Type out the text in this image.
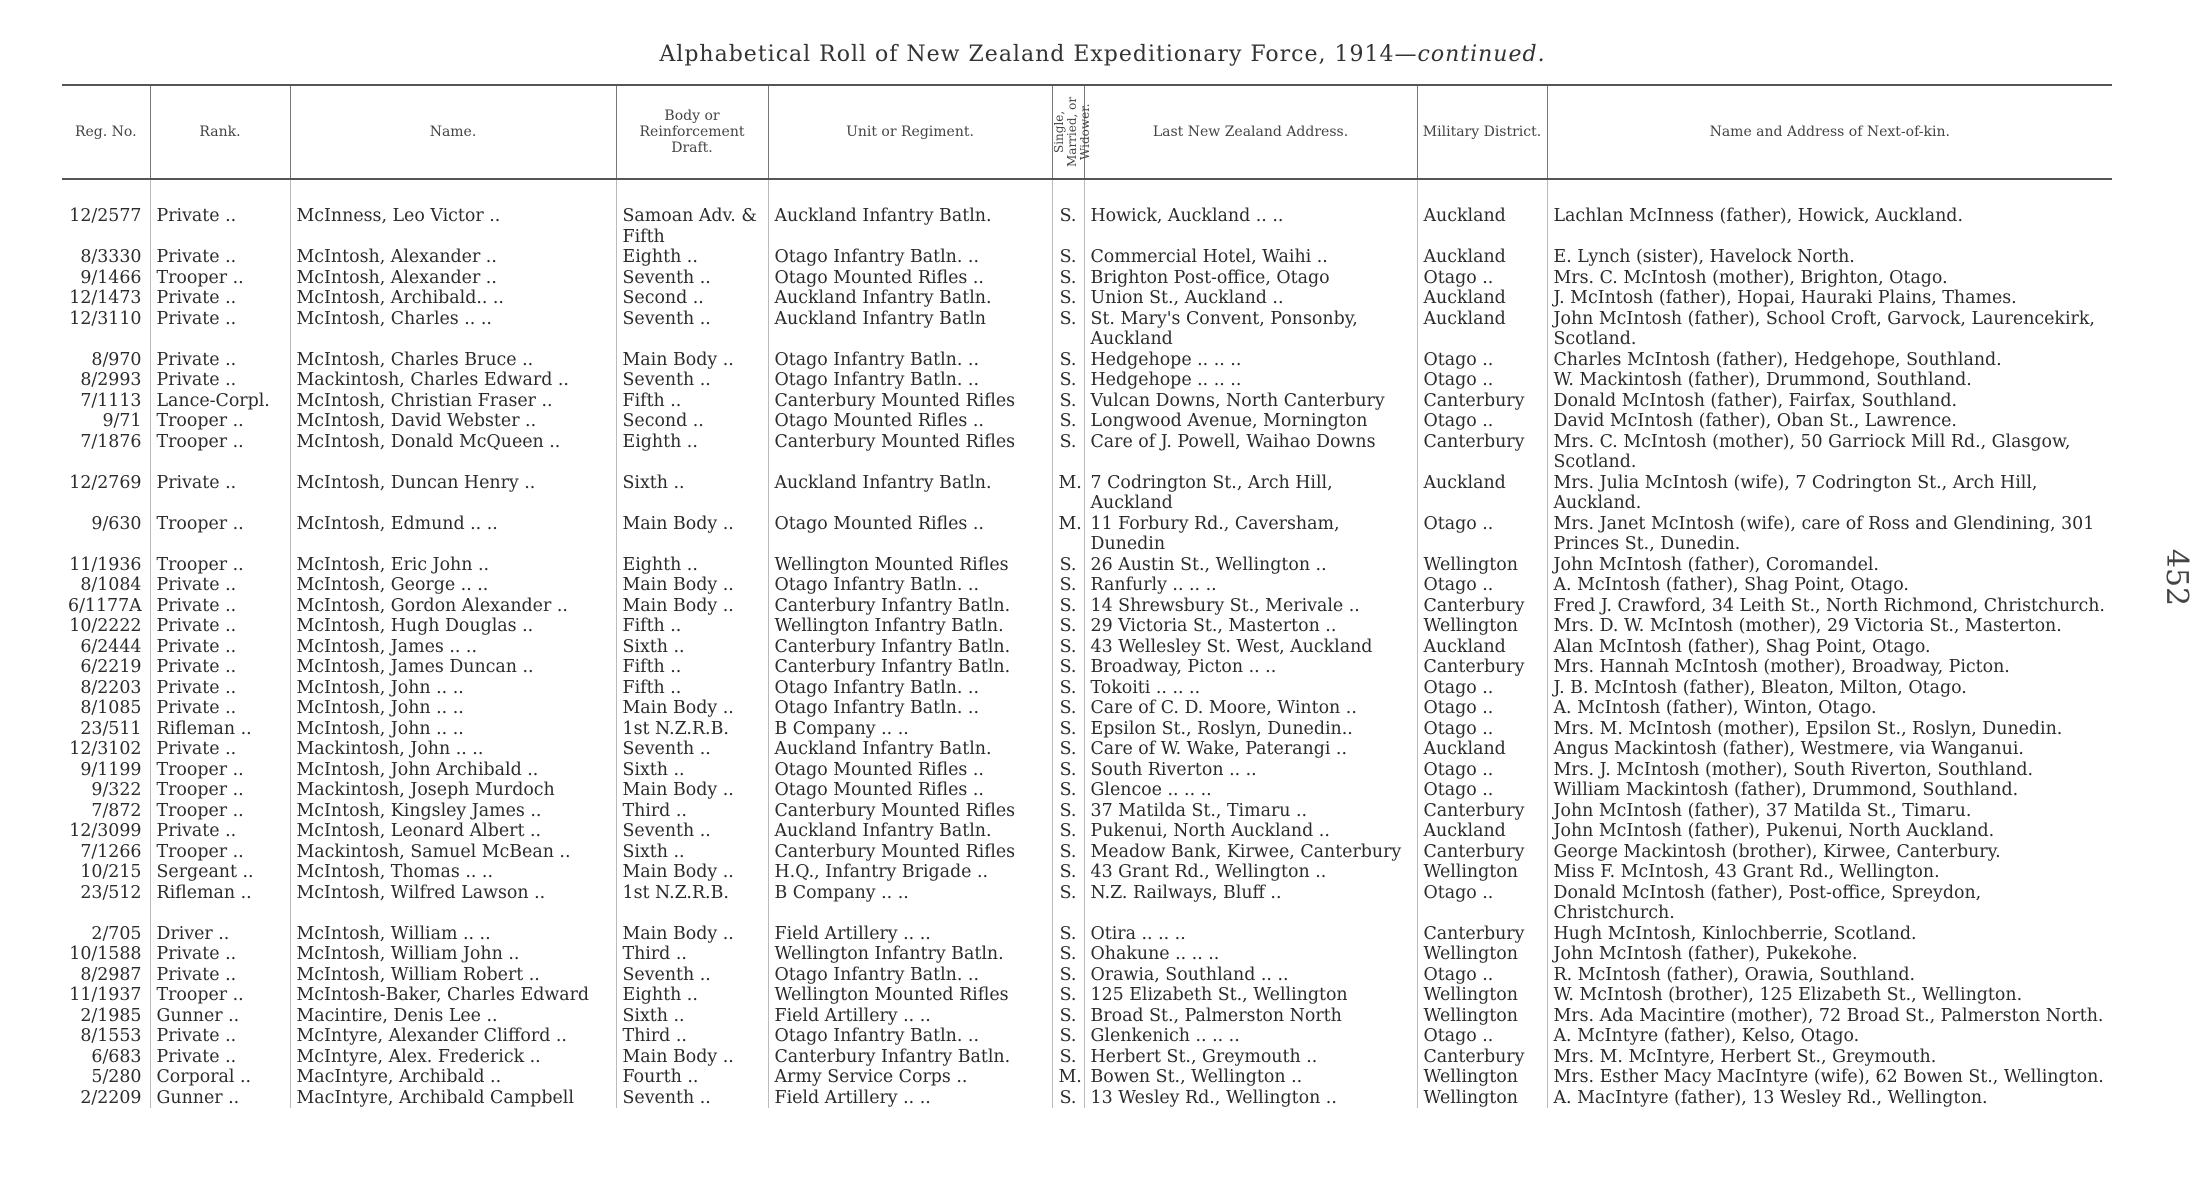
Alphabetical Roll of New Zealand Expeditionary Force, 1914—continued.
Reg. No.	Rank.	Name.	Body or Reinforcement Draft.	Unit or Regiment.	Single, Married, or Widower.	Last New Zealand Address.	Military District.	Name and Address of Next-of-kin.

12/2577	Private ..	McInness, Leo Victor ..	Samoan Adv. & Fifth	Auckland Infantry Batln.	S.	Howick, Auckland .. ..	Auckland	Lachlan McInness (father), Howick, Auckland.
8/3330	Private ..	McIntosh, Alexander ..	Eighth ..	Otago Infantry Batln. ..	S.	Commercial Hotel, Waihi ..	Auckland	E. Lynch (sister), Havelock North.
9/1466	Trooper ..	McIntosh, Alexander ..	Seventh ..	Otago Mounted Rifles ..	S.	Brighton Post-office, Otago	Otago ..	Mrs. C. McIntosh (mother), Brighton, Otago.
12/1473	Private ..	McIntosh, Archibald.. ..	Second ..	Auckland Infantry Batln.	S.	Union St., Auckland ..	Auckland	J. McIntosh (father), Hopai, Hauraki Plains, Thames.
12/3110	Private ..	McIntosh, Charles .. ..	Seventh ..	Auckland Infantry Batln	S.	St. Mary's Convent, Ponsonby, Auckland	Auckland	John McIntosh (father), School Croft, Garvock, Laurencekirk, Scotland.
8/970	Private ..	McIntosh, Charles Bruce ..	Main Body ..	Otago Infantry Batln. ..	S.	Hedgehope .. .. ..	Otago ..	Charles McIntosh (father), Hedgehope, Southland.
8/2993	Private ..	Mackintosh, Charles Edward ..	Seventh ..	Otago Infantry Batln. ..	S.	Hedgehope .. .. ..	Otago ..	W. Mackintosh (father), Drummond, Southland.
7/1113	Lance-Corpl.	McIntosh, Christian Fraser ..	Fifth ..	Canterbury Mounted Rifles	S.	Vulcan Downs, North Canterbury	Canterbury	Donald McIntosh (father), Fairfax, Southland.
9/71	Trooper ..	McIntosh, David Webster ..	Second ..	Otago Mounted Rifles ..	S.	Longwood Avenue, Mornington	Otago ..	David McIntosh (father), Oban St., Lawrence.
7/1876	Trooper ..	McIntosh, Donald McQueen ..	Eighth ..	Canterbury Mounted Rifles	S.	Care of J. Powell, Waihao Downs	Canterbury	Mrs. C. McIntosh (mother), 50 Garriock Mill Rd., Glasgow, Scotland.
12/2769	Private ..	McIntosh, Duncan Henry ..	Sixth ..	Auckland Infantry Batln.	M.	7 Codrington St., Arch Hill, Auckland	Auckland	Mrs. Julia McIntosh (wife), 7 Codrington St., Arch Hill, Auckland.
9/630	Trooper ..	McIntosh, Edmund .. ..	Main Body ..	Otago Mounted Rifles ..	M.	11 Forbury Rd., Caversham, Dunedin	Otago ..	Mrs. Janet McIntosh (wife), care of Ross and Glendining, 301 Princes St., Dunedin.
11/1936	Trooper ..	McIntosh, Eric John ..	Eighth ..	Wellington Mounted Rifles	S.	26 Austin St., Wellington ..	Wellington	John McIntosh (father), Coromandel.
8/1084	Private ..	McIntosh, George .. ..	Main Body ..	Otago Infantry Batln. ..	S.	Ranfurly .. .. ..	Otago ..	A. McIntosh (father), Shag Point, Otago.
6/1177A	Private ..	McIntosh, Gordon Alexander ..	Main Body ..	Canterbury Infantry Batln.	S.	14 Shrewsbury St., Merivale ..	Canterbury	Fred J. Crawford, 34 Leith St., North Richmond, Christchurch.
10/2222	Private ..	McIntosh, Hugh Douglas ..	Fifth ..	Wellington Infantry Batln.	S.	29 Victoria St., Masterton ..	Wellington	Mrs. D. W. McIntosh (mother), 29 Victoria St., Masterton.
6/2444	Private ..	McIntosh, James .. ..	Sixth ..	Canterbury Infantry Batln.	S.	43 Wellesley St. West, Auckland	Auckland	Alan McIntosh (father), Shag Point, Otago.
6/2219	Private ..	McIntosh, James Duncan ..	Fifth ..	Canterbury Infantry Batln.	S.	Broadway, Picton .. ..	Canterbury	Mrs. Hannah McIntosh (mother), Broadway, Picton.
8/2203	Private ..	McIntosh, John .. ..	Fifth ..	Otago Infantry Batln. ..	S.	Tokoiti .. .. ..	Otago ..	J. B. McIntosh (father), Bleaton, Milton, Otago.
8/1085	Private ..	McIntosh, John .. ..	Main Body ..	Otago Infantry Batln. ..	S.	Care of C. D. Moore, Winton ..	Otago ..	A. McIntosh (father), Winton, Otago.
23/511	Rifleman ..	McIntosh, John .. ..	1st N.Z.R.B.	B Company .. ..	S.	Epsilon St., Roslyn, Dunedin..	Otago ..	Mrs. M. McIntosh (mother), Epsilon St., Roslyn, Dunedin.
12/3102	Private ..	Mackintosh, John .. ..	Seventh ..	Auckland Infantry Batln.	S.	Care of W. Wake, Paterangi ..	Auckland	Angus Mackintosh (father), Westmere, via Wanganui.
9/1199	Trooper ..	McIntosh, John Archibald ..	Sixth ..	Otago Mounted Rifles ..	S.	South Riverton .. ..	Otago ..	Mrs. J. McIntosh (mother), South Riverton, Southland.
9/322	Trooper ..	Mackintosh, Joseph Murdoch	Main Body ..	Otago Mounted Rifles ..	S.	Glencoe .. .. ..	Otago ..	William Mackintosh (father), Drummond, Southland.
7/872	Trooper ..	McIntosh, Kingsley James ..	Third ..	Canterbury Mounted Rifles	S.	37 Matilda St., Timaru ..	Canterbury	John McIntosh (father), 37 Matilda St., Timaru.
12/3099	Private ..	McIntosh, Leonard Albert ..	Seventh ..	Auckland Infantry Batln.	S.	Pukenui, North Auckland ..	Auckland	John McIntosh (father), Pukenui, North Auckland.
7/1266	Trooper ..	Mackintosh, Samuel McBean ..	Sixth ..	Canterbury Mounted Rifles	S.	Meadow Bank, Kirwee, Canterbury	Canterbury	George Mackintosh (brother), Kirwee, Canterbury.
10/215	Sergeant ..	McIntosh, Thomas .. ..	Main Body ..	H.Q., Infantry Brigade ..	S.	43 Grant Rd., Wellington ..	Wellington	Miss F. McIntosh, 43 Grant Rd., Wellington.
23/512	Rifleman ..	McIntosh, Wilfred Lawson ..	1st N.Z.R.B.	B Company .. ..	S.	N.Z. Railways, Bluff ..	Otago ..	Donald McIntosh (father), Post-office, Spreydon, Christchurch.
2/705	Driver ..	McIntosh, William .. ..	Main Body ..	Field Artillery .. ..	S.	Otira .. .. ..	Canterbury	Hugh McIntosh, Kinlochberrie, Scotland.
10/1588	Private ..	McIntosh, William John ..	Third ..	Wellington Infantry Batln.	S.	Ohakune .. .. ..	Wellington	John McIntosh (father), Pukekohe.
8/2987	Private ..	McIntosh, William Robert ..	Seventh ..	Otago Infantry Batln. ..	S.	Orawia, Southland .. ..	Otago ..	R. McIntosh (father), Orawia, Southland.
11/1937	Trooper ..	McIntosh-Baker, Charles Edward	Eighth ..	Wellington Mounted Rifles	S.	125 Elizabeth St., Wellington	Wellington	W. McIntosh (brother), 125 Elizabeth St., Wellington.
2/1985	Gunner ..	Macintire, Denis Lee ..	Sixth ..	Field Artillery .. ..	S.	Broad St., Palmerston North	Wellington	Mrs. Ada Macintire (mother), 72 Broad St., Palmerston North.
8/1553	Private ..	McIntyre, Alexander Clifford ..	Third ..	Otago Infantry Batln. ..	S.	Glenkenich .. .. ..	Otago ..	A. McIntyre (father), Kelso, Otago.
6/683	Private ..	McIntyre, Alex. Frederick ..	Main Body ..	Canterbury Infantry Batln.	S.	Herbert St., Greymouth ..	Canterbury	Mrs. M. McIntyre, Herbert St., Greymouth.
5/280	Corporal ..	MacIntyre, Archibald ..	Fourth ..	Army Service Corps ..	M.	Bowen St., Wellington ..	Wellington	Mrs. Esther Macy MacIntyre (wife), 62 Bowen St., Wellington.
2/2209	Gunner ..	MacIntyre, Archibald Campbell	Seventh ..	Field Artillery .. ..	S.	13 Wesley Rd., Wellington ..	Wellington	A. MacIntyre (father), 13 Wesley Rd., Wellington.
452
